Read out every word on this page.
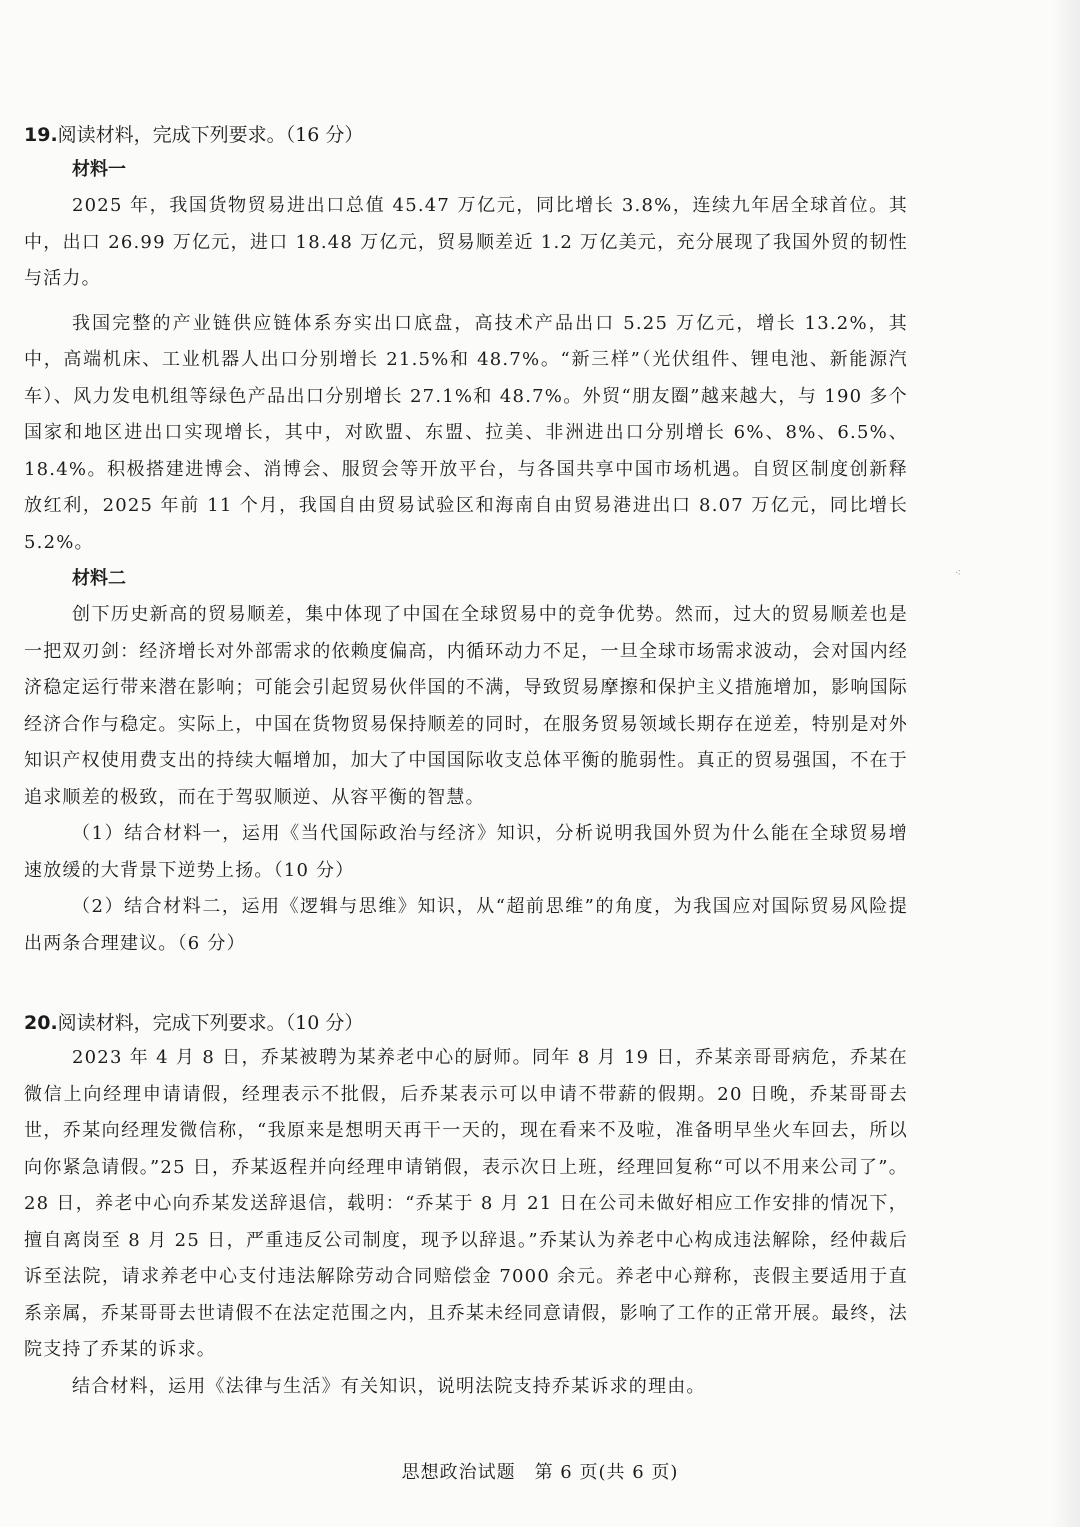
⁖

19.阅读材料，完成下列要求。（16 分）

材料一

2025 年，我国货物贸易进出口总值 45.47 万亿元，同比增长 3.8%，连续九年居全球首位。其中，出口 26.99 万亿元，进口 18.48 万亿元，贸易顺差近 1.2 万亿美元，充分展现了我国外贸的韧性与活力。

我国完整的产业链供应链体系夯实出口底盘，高技术产品出口 5.25 万亿元，增长 13.2%，其中，高端机床、工业机器人出口分别增长 21.5%和 48.7%。“新三样”（光伏组件、锂电池、新能源汽车）、风力发电机组等绿色产品出口分别增长 27.1%和 48.7%。外贸“朋友圈”越来越大，与 190 多个国家和地区进出口实现增长，其中，对欧盟、东盟、拉美、非洲进出口分别增长 6%、8%、6.5%、18.4%。积极搭建进博会、消博会、服贸会等开放平台，与各国共享中国市场机遇。自贸区制度创新释放红利，2025 年前 11 个月，我国自由贸易试验区和海南自由贸易港进出口 8.07 万亿元，同比增长 5.2%。

材料二

创下历史新高的贸易顺差，集中体现了中国在全球贸易中的竞争优势。然而，过大的贸易顺差也是一把双刃剑：经济增长对外部需求的依赖度偏高，内循环动力不足，一旦全球市场需求波动，会对国内经济稳定运行带来潜在影响；可能会引起贸易伙伴国的不满，导致贸易摩擦和保护主义措施增加，影响国际经济合作与稳定。实际上，中国在货物贸易保持顺差的同时，在服务贸易领域长期存在逆差，特别是对外知识产权使用费支出的持续大幅增加，加大了中国国际收支总体平衡的脆弱性。真正的贸易强国，不在于追求顺差的极致，而在于驾驭顺逆、从容平衡的智慧。

（1）结合材料一，运用《当代国际政治与经济》知识，分析说明我国外贸为什么能在全球贸易增速放缓的大背景下逆势上扬。（10 分）

（2）结合材料二，运用《逻辑与思维》知识，从“超前思维”的角度，为我国应对国际贸易风险提出两条合理建议。（6 分）

20.阅读材料，完成下列要求。（10 分）

2023 年 4 月 8 日，乔某被聘为某养老中心的厨师。同年 8 月 19 日，乔某亲哥哥病危，乔某在微信上向经理申请请假，经理表示不批假，后乔某表示可以申请不带薪的假期。20 日晚，乔某哥哥去世，乔某向经理发微信称，“我原来是想明天再干一天的，现在看来不及啦，准备明早坐火车回去，所以向你紧急请假。”25 日，乔某返程并向经理申请销假，表示次日上班，经理回复称“可以不用来公司了”。28 日，养老中心向乔某发送辞退信，载明：“乔某于 8 月 21 日在公司未做好相应工作安排的情况下，擅自离岗至 8 月 25 日，严重违反公司制度，现予以辞退。”乔某认为养老中心构成违法解除，经仲裁后诉至法院，请求养老中心支付违法解除劳动合同赔偿金 7000 余元。养老中心辩称，丧假主要适用于直系亲属，乔某哥哥去世请假不在法定范围之内，且乔某未经同意请假，影响了工作的正常开展。最终，法院支持了乔某的诉求。

结合材料，运用《法律与生活》有关知识，说明法院支持乔某诉求的理由。

思想政治试题　第 6 页(共 6 页)
